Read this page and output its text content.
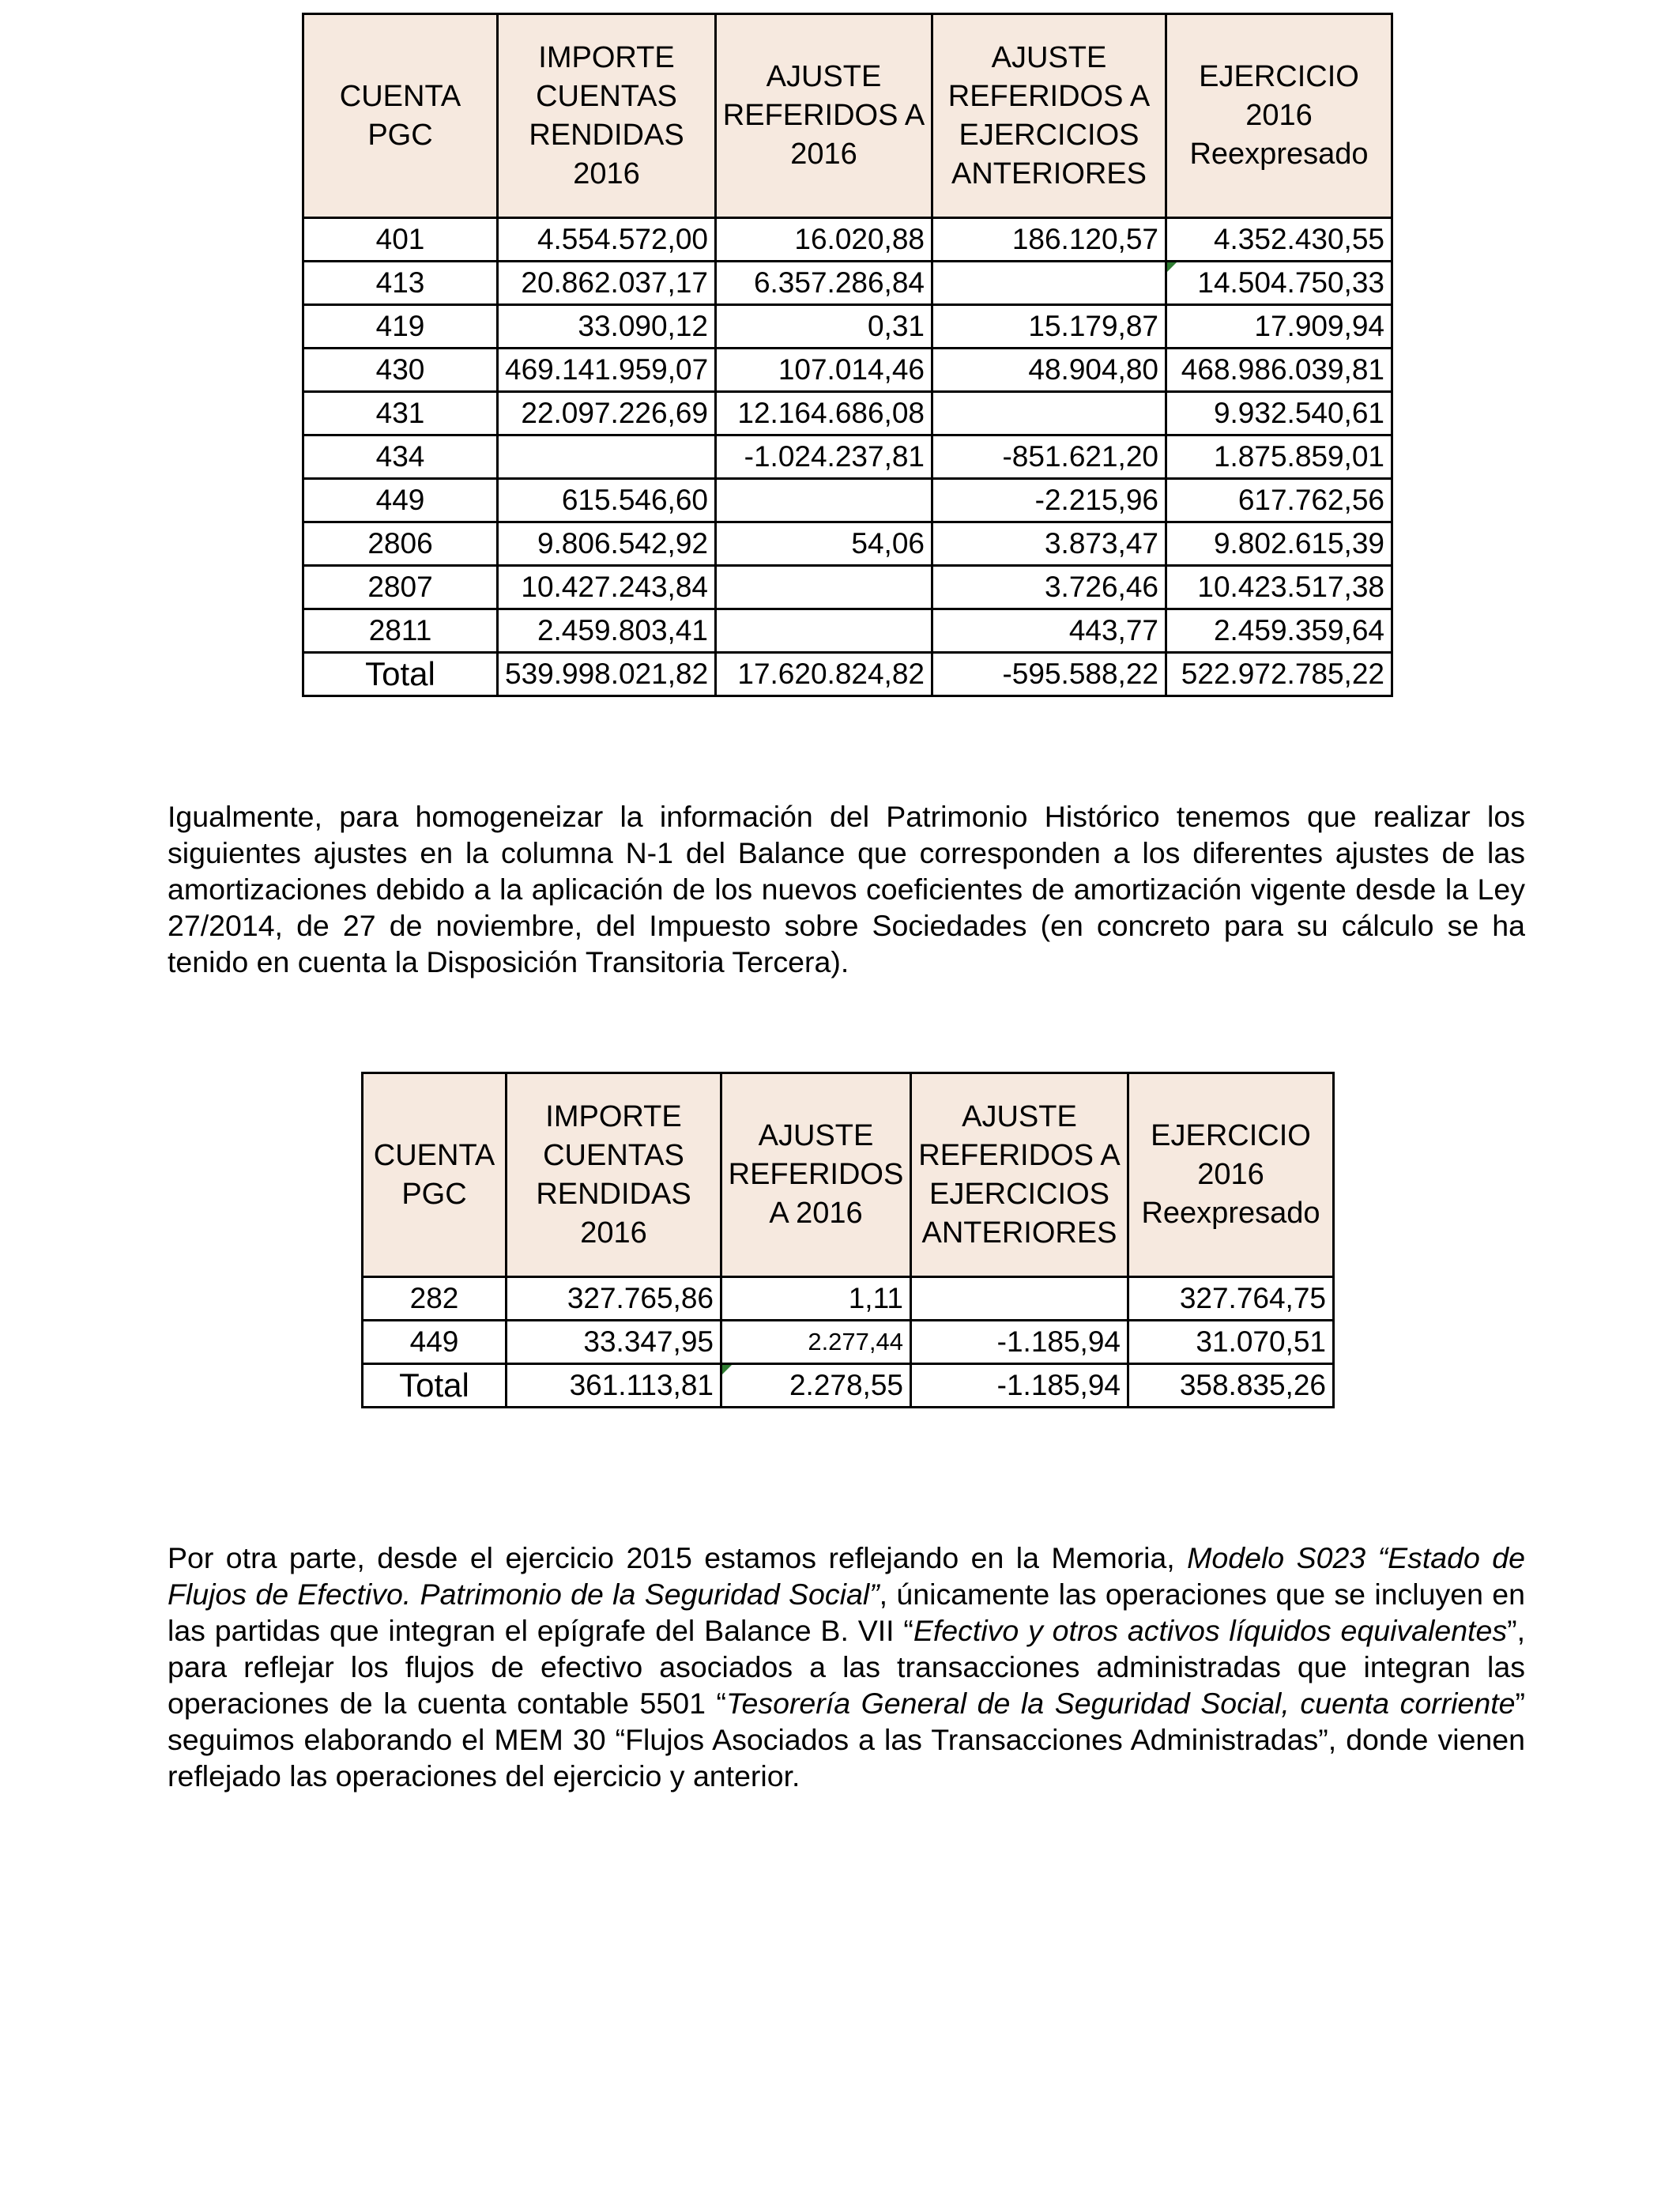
CUENTA PGC	IMPORTE CUENTAS RENDIDAS 2016	AJUSTE REFERIDOS A 2016	AJUSTE REFERIDOS A EJERCICIOS ANTERIORES	EJERCICIO 2016 Reexpresado
401	4.554.572,00	16.020,88	186.120,57	4.352.430,55
413	20.862.037,17	6.357.286,84		14.504.750,33
419	33.090,12	0,31	15.179,87	17.909,94
430	469.141.959,07	107.014,46	48.904,80	468.986.039,81
431	22.097.226,69	12.164.686,08		9.932.540,61
434		-1.024.237,81	-851.621,20	1.875.859,01
449	615.546,60		-2.215,96	617.762,56
2806	9.806.542,92	54,06	3.873,47	9.802.615,39
2807	10.427.243,84		3.726,46	10.423.517,38
2811	2.459.803,41		443,77	2.459.359,64
Total	539.998.021,82	17.620.824,82	-595.588,22	522.972.785,22

Igualmente, para homogeneizar la información del Patrimonio Histórico tenemos que realizar los siguientes ajustes en la columna N-1 del Balance que corresponden a los diferentes ajustes de las amortizaciones debido a la aplicación de los nuevos coeficientes de amortización vigente desde la Ley 27/2014, de 27 de noviembre, del Impuesto sobre Sociedades (en concreto para su cálculo se ha tenido en cuenta la Disposición Transitoria Tercera).

CUENTA PGC	IMPORTE CUENTAS RENDIDAS 2016	AJUSTE REFERIDOS A 2016	AJUSTE REFERIDOS A EJERCICIOS ANTERIORES	EJERCICIO 2016 Reexpresado
282	327.765,86	1,11		327.764,75
449	33.347,95	2.277,44	-1.185,94	31.070,51
Total	361.113,81	2.278,55	-1.185,94	358.835,26

Por otra parte, desde el ejercicio 2015 estamos reflejando en la Memoria, Modelo S023 “Estado de Flujos de Efectivo. Patrimonio de la Seguridad Social”, únicamente las operaciones que se incluyen en las partidas que integran el epígrafe del Balance B. VII “Efectivo y otros activos líquidos equivalentes”, para reflejar los flujos de efectivo asociados a las transacciones administradas que integran las operaciones de la cuenta contable 5501 “Tesorería General de la Seguridad Social, cuenta corriente” seguimos elaborando el MEM 30 “Flujos Asociados a las Transacciones Administradas”, donde vienen reflejado las operaciones del ejercicio y anterior.
